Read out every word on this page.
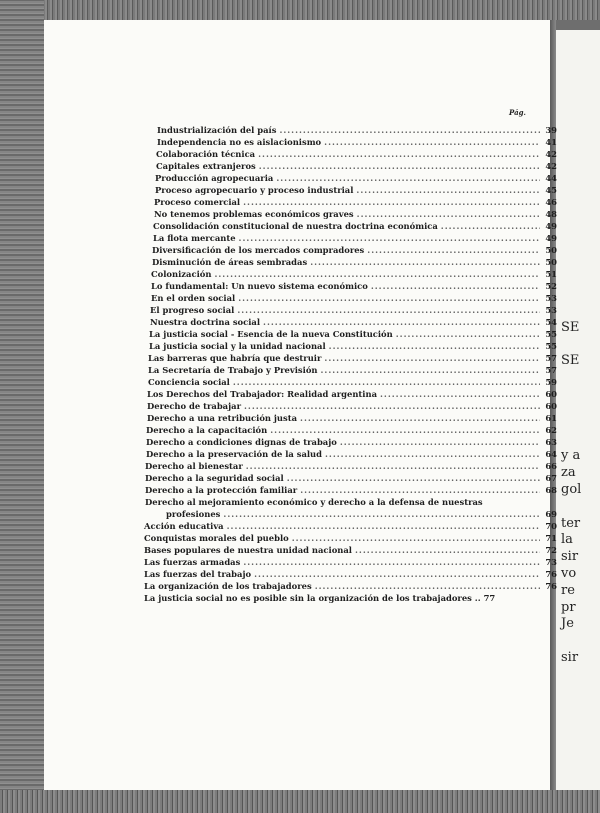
SE
SE
y a
za
gol
ter
la
sir
vo
re
pr
Je
sir
Pág.
Industrialización del país .....	39
Independencia no es aislacionismo .....	41
Colaboración técnica .....	42
Capitales extranjeros .....	42
Producción agropecuaria .....	44
Proceso agropecuario y proceso industrial .....	45
Proceso comercial .....	46
No tenemos problemas económicos graves .....	48
Consolidación constitucional de nuestra doctrina económica .....	49
La flota mercante .....	49
Diversificación de los mercados compradores .....	50
Disminución de áreas sembradas .....	50
Colonización .....	51
Lo fundamental: Un nuevo sistema económico .....	52
En el orden social .....	53
El progreso social .....	53
Nuestra doctrina social .....	54
La justicia social - Esencia de la nueva Constitución .....	55
La justicia social y la unidad nacional .....	55
Las barreras que habría que destruir .....	57
La Secretaría de Trabajo y Previsión .....	57
Conciencia social .....	59
Los Derechos del Trabajador: Realidad argentina .....	60
Derecho de trabajar .....	60
Derecho a una retribución justa .....	61
Derecho a la capacitación .....	62
Derecho a condiciones dignas de trabajo .....	63
Derecho a la preservación de la salud .....	64
Derecho al bienestar .....	66
Derecho a la seguridad social .....	67
Derecho a la protección familiar .....	68
Derecho al mejoramiento económico y derecho a la defensa de nuestras
profesiones .....	69
Acción educativa .....	70
Conquistas morales del pueblo .....	71
Bases populares de nuestra unidad nacional .....	72
Las fuerzas armadas .....	73
Las fuerzas del trabajo .....	76
La organización de los trabajadores .....	76
La justicia social no es posible sin la organización de los trabajadores .. 77
